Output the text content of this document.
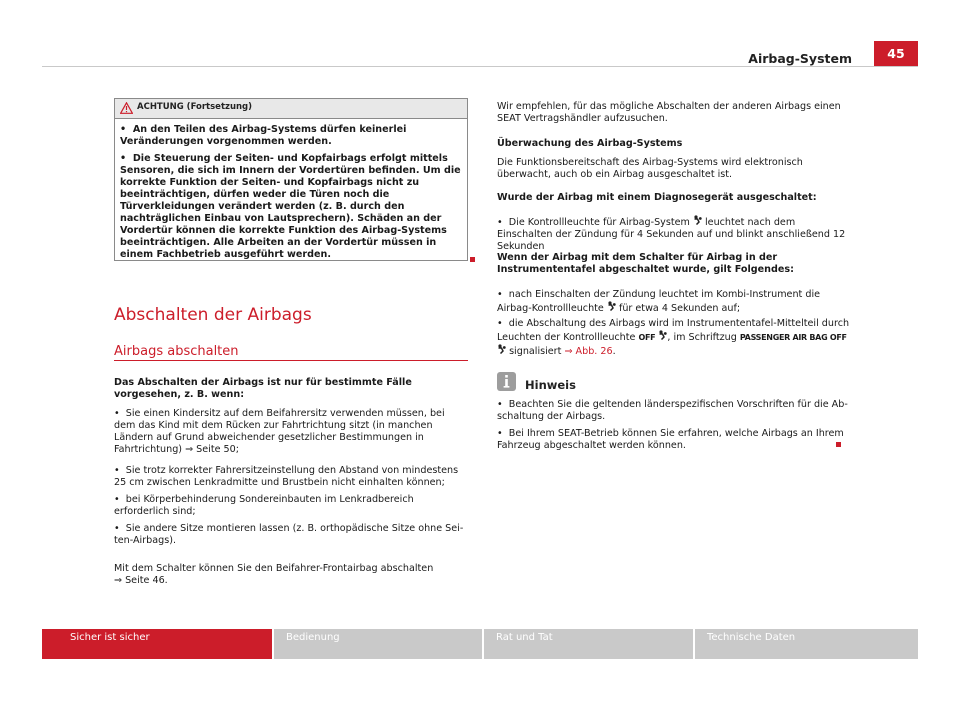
Airbag-System	45
ACHTUNG (Fortsetzung)

•  An den Teilen des Airbag-Systems dürfen keinerlei Veränderungen vorgenommen werden.

•  Die Steuerung der Seiten- und Kopfairbags erfolgt mittels Sensoren, die sich im Innern der Vordertüren befinden. Um die korrekte Funktion der Seiten- und Kopfairbags nicht zu beeinträchtigen, dürfen weder die Türen noch die Türverkleidungen verändert werden (z. B. durch den nachträglichen Einbau von Lautsprechern). Schäden an der Vordertür können die korrekte Funktion des Airbag-Systems beeinträchtigen. Alle Arbeiten an der Vordertür müssen in einem Fachbetrieb ausgeführt werden.

Abschalten der Airbags
Airbags abschalten

Das Abschalten der Airbags ist nur für bestimmte Fälle vorgesehen, z. B. wenn:

•  Sie einen Kindersitz auf dem Beifahrersitz verwenden müssen, bei dem das Kind mit dem Rücken zur Fahrtrichtung sitzt (in manchen Ländern auf Grund abweichender gesetzlicher Bestimmungen in Fahrtrichtung) ⇒ Seite 50;

•  Sie trotz korrekter Fahrersitzeinstellung den Abstand von mindestens 25 cm zwischen Lenkradmitte und Brustbein nicht einhalten können;

•  bei Körperbehinderung Sondereinbauten im Lenkradbereich erforderlich sind;

•  Sie andere Sitze montieren lassen (z. B. orthopädische Sitze ohne Seiten-Airbags).

Mit dem Schalter können Sie den Beifahrer-Frontairbag abschalten
⇒ Seite 46.

Wir empfehlen, für das mögliche Abschalten der anderen Airbags einen SEAT Vertragshändler aufzusuchen.

Überwachung des Airbag-Systems

Die Funktionsbereitschaft des Airbag-Systems wird elektronisch überwacht, auch ob ein Airbag ausgeschaltet ist.

Wurde der Airbag mit einem Diagnosegerät ausgeschaltet:

•  Die Kontrollleuchte für Airbag-System leuchtet nach dem Einschalten der Zündung für 4 Sekunden auf und blinkt anschließend 12 Sekunden

Wenn der Airbag mit dem Schalter für Airbag in der Instrumententafel abgeschaltet wurde, gilt Folgendes:

•  nach Einschalten der Zündung leuchtet im Kombi-Instrument die Airbag-Kontrollleuchte für etwa 4 Sekunden auf;

•  die Abschaltung des Airbags wird im Instrumententafel-Mittelteil durch Leuchten der Kontrollleuchte OFF , im Schriftzug PASSENGER AIR BAG OFF  signalisiert ⇒ Abb. 26.

Hinweis

•  Beachten Sie die geltenden länderspezifischen Vorschriften für die Abschaltung der Airbags.

•  Bei Ihrem SEAT-Betrieb können Sie erfahren, welche Airbags an Ihrem Fahrzeug abgeschaltet werden können.

Sicher ist sicher	Bedienung	Rat und Tat	Technische Daten
